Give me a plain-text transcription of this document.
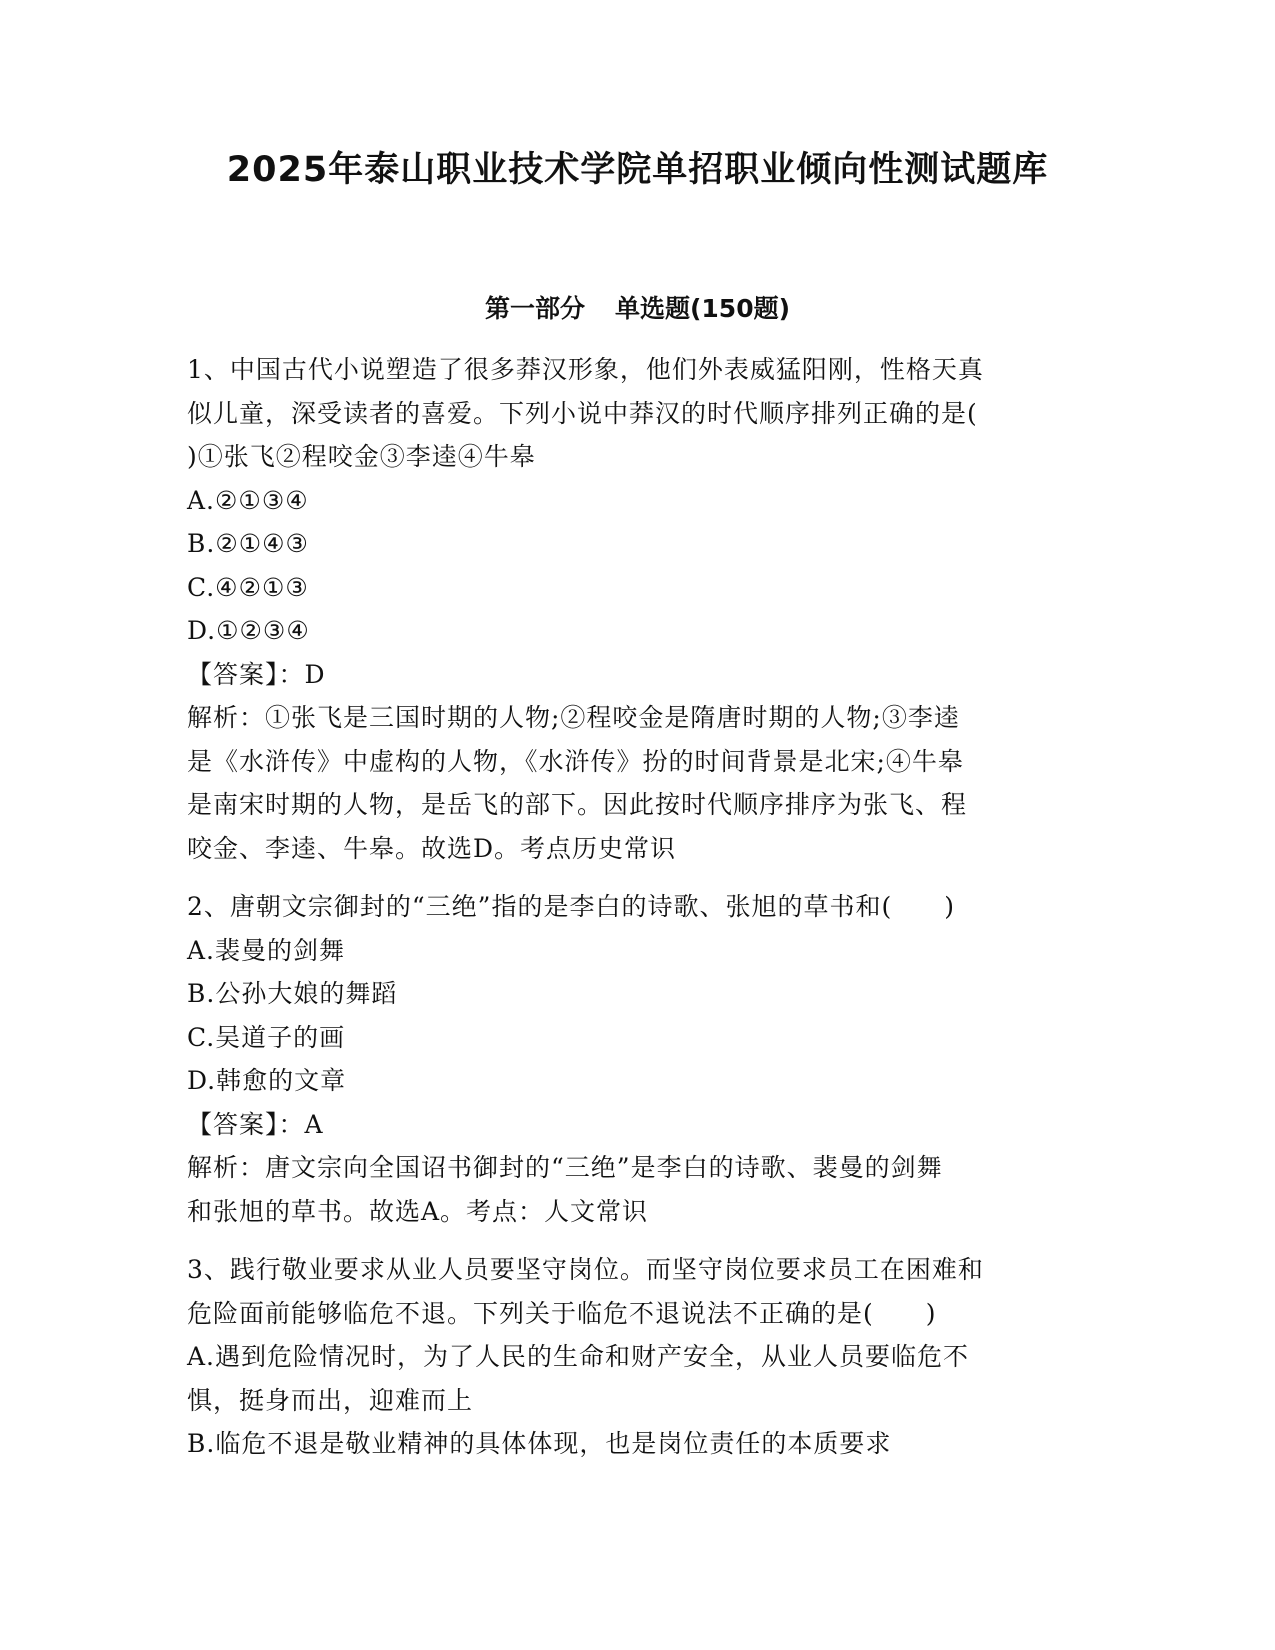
2025年泰山职业技术学院单招职业倾向性测试题库
第一部分 单选题(150题)
1、中国古代小说塑造了很多莽汉形象，他们外表威猛阳刚，性格天真
似儿童，深受读者的喜爱。下列小说中莽汉的时代顺序排列正确的是(
)①张飞②程咬金③李逵④牛皋
A.②①③④
B.②①④③
C.④②①③
D.①②③④
【答案】：D
解析：①张飞是三国时期的人物;②程咬金是隋唐时期的人物;③李逵
是《水浒传》中虚构的人物，《水浒传》扮的时间背景是北宋;④牛皋
是南宋时期的人物，是岳飞的部下。因此按时代顺序排序为张飞、程
咬金、李逵、牛皋。故选D。考点历史常识
2、唐朝文宗御封的“三绝”指的是李白的诗歌、张旭的草书和(　　)
A.裴曼的剑舞
B.公孙大娘的舞蹈
C.吴道子的画
D.韩愈的文章
【答案】：A
解析：唐文宗向全国诏书御封的“三绝”是李白的诗歌、裴曼的剑舞
和张旭的草书。故选A。考点：人文常识
3、践行敬业要求从业人员要坚守岗位。而坚守岗位要求员工在困难和
危险面前能够临危不退。下列关于临危不退说法不正确的是(　　)
A.遇到危险情况时，为了人民的生命和财产安全，从业人员要临危不
惧，挺身而出，迎难而上
B.临危不退是敬业精神的具体体现，也是岗位责任的本质要求
